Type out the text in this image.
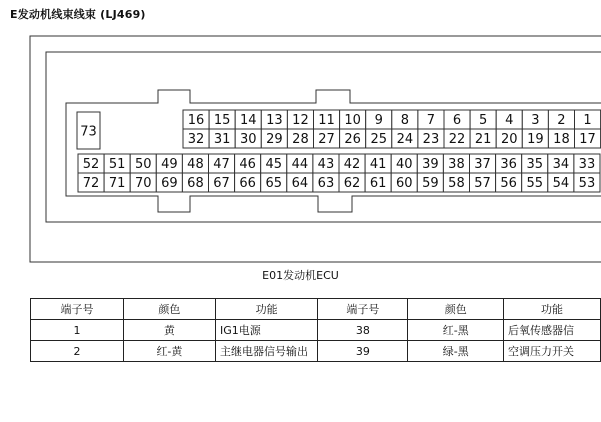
E发动机线束线束 (LJ469)
73
16 15 14 13 12 11 10 9 8 7 6 5 4 3 2 1
32 31 30 29 28 27 26 25 24 23 22 21 20 19 18 17
52 51 50 49 48 47 46 45 44 43 42 41 40 39 38 37 36 35 34 33
72 71 70 69 68 67 66 65 64 63 62 61 60 59 58 57 56 55 54 53
E01发动机ECU
端子号	颜色	功能	端子号	颜色	功能
1	黄	IG1电源	38	红-黑	后氧传感器信
2	红-黄	主继电器信号输出	39	绿-黑	空调压力开关
